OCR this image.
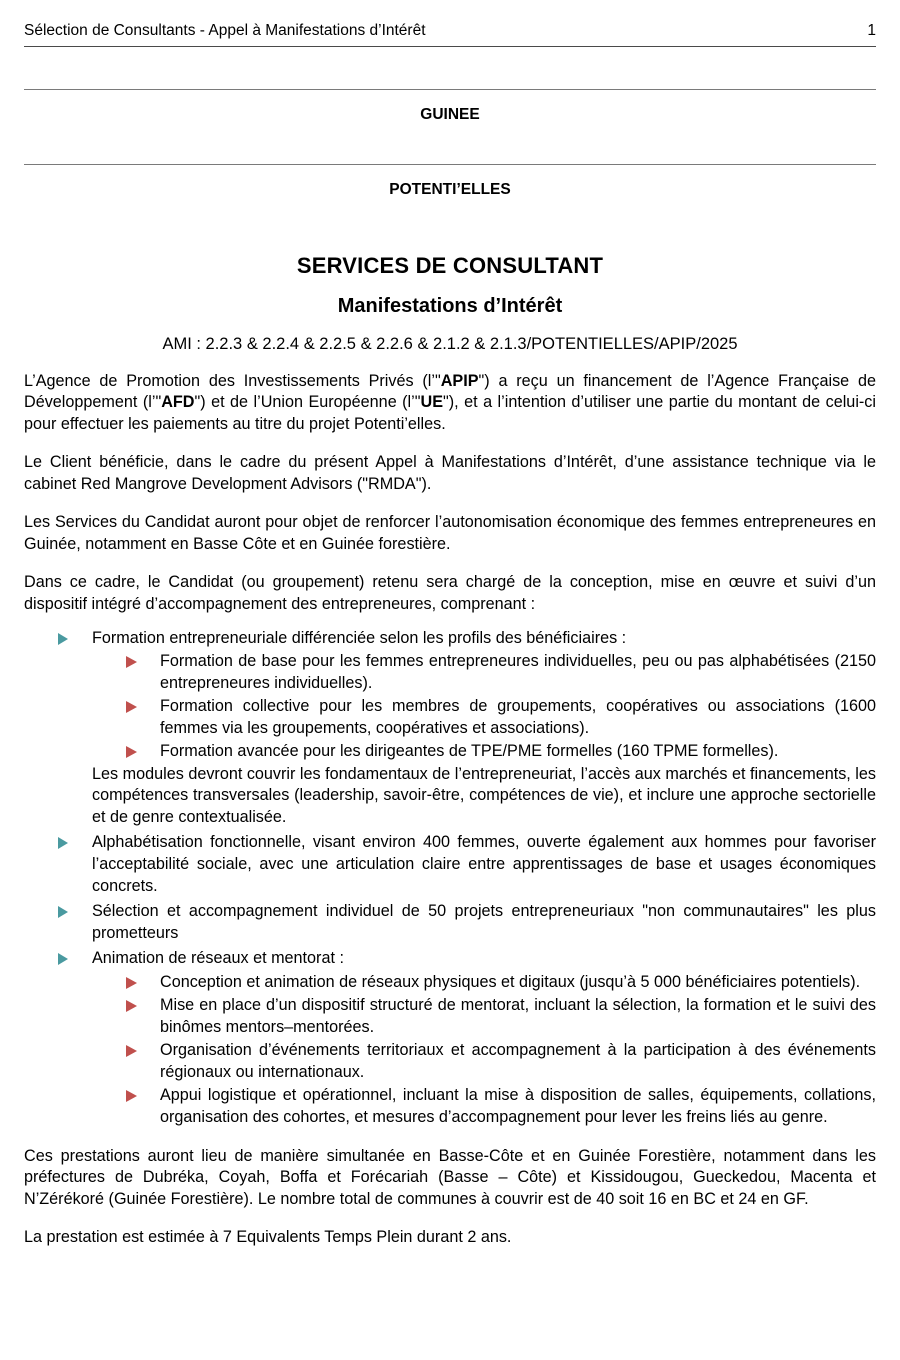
Sélection de Consultants - Appel à Manifestations d’Intérêt	1
GUINEE
POTENTI’ELLES
SERVICES DE CONSULTANT
Manifestations d’Intérêt
AMI : 2.2.3 & 2.2.4 & 2.2.5 & 2.2.6 & 2.1.2 & 2.1.3/POTENTIELLES/APIP/2025

L’Agence de Promotion des Investissements Privés (l’"APIP") a reçu un financement de l’Agence Française de Développement (l’"AFD") et de l’Union Européenne (l’"UE"), et a l’intention d’utiliser une partie du montant de celui-ci pour effectuer les paiements au titre du projet Potenti’elles.

Le Client bénéficie, dans le cadre du présent Appel à Manifestations d’Intérêt, d’une assistance technique via le cabinet Red Mangrove Development Advisors ("RMDA").

Les Services du Candidat auront pour objet de renforcer l’autonomisation économique des femmes entrepreneures en Guinée, notamment en Basse Côte et en Guinée forestière.

Dans ce cadre, le Candidat (ou groupement) retenu sera chargé de la conception, mise en œuvre et suivi d’un dispositif intégré d’accompagnement des entrepreneures, comprenant :

Formation entrepreneuriale différenciée selon les profils des bénéficiaires :
Formation de base pour les femmes entrepreneures individuelles, peu ou pas alphabétisées (2150 entrepreneures individuelles).
Formation collective pour les membres de groupements, coopératives ou associations (1600 femmes via les groupements, coopératives et associations).
Formation avancée pour les dirigeantes de TPE/PME formelles (160 TPME formelles).
Les modules devront couvrir les fondamentaux de l’entrepreneuriat, l’accès aux marchés et financements, les compétences transversales (leadership, savoir-être, compétences de vie), et inclure une approche sectorielle et de genre contextualisée.
Alphabétisation fonctionnelle, visant environ 400 femmes, ouverte également aux hommes pour favoriser l’acceptabilité sociale, avec une articulation claire entre apprentissages de base et usages économiques concrets.
Sélection et accompagnement individuel de 50 projets entrepreneuriaux "non communautaires" les plus prometteurs
Animation de réseaux et mentorat :
Conception et animation de réseaux physiques et digitaux (jusqu’à 5 000 bénéficiaires potentiels).
Mise en place d’un dispositif structuré de mentorat, incluant la sélection, la formation et le suivi des binômes mentors–mentorées.
Organisation d’événements territoriaux et accompagnement à la participation à des événements régionaux ou internationaux.
Appui logistique et opérationnel, incluant la mise à disposition de salles, équipements, collations, organisation des cohortes, et mesures d’accompagnement pour lever les freins liés au genre.

Ces prestations auront lieu de manière simultanée en Basse-Côte et en Guinée Forestière, notamment dans les préfectures de Dubréka, Coyah, Boffa et Forécariah (Basse – Côte) et Kissidougou, Gueckedou, Macenta et N’Zérékoré (Guinée Forestière). Le nombre total de communes à couvrir est de 40 soit 16 en BC et 24 en GF.

La prestation est estimée à 7 Equivalents Temps Plein durant 2 ans.
